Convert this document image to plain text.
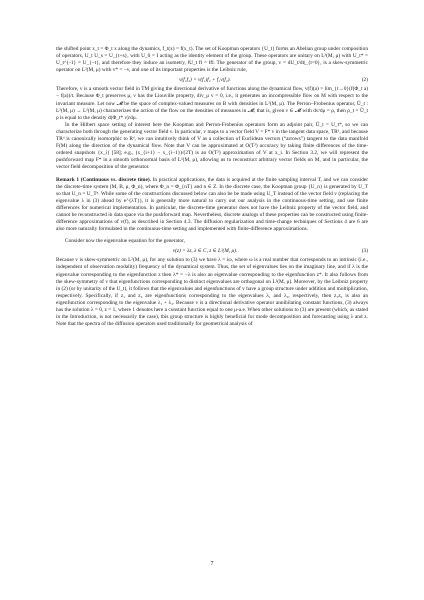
the shifted point x_t = Φ_t x along the dynamics, f_t(x) = f(x_t). The set of Koopman operators {U_t} forms an Abelian group under composition of operators, U_t U_s = U_{t+s}, with U_0 = I acting as the identity element of the group. These operators are unitary on L²(M, μ) with U_t* = U_t^{-1} = U_{−t}, and therefore they induce an isometry, ‖U_t f‖ = ‖f‖. The generator of the group, v = dU_t/dt|_{t=0}, is a skew-symmetric operator on L²(M, μ) with v* = −v, and one of its important properties is the Leibniz rule,

v(f₁f₂) = v(f₁)f₂ + f₁v(f₂).	(2)

Therefore, v is a smooth vector field in TM giving the directional derivative of functions along the dynamical flow, v(f)(a) = lim_{t→0}(f(Φ_t a) − f(a))/t. Because Φ_t preserves μ, v has the Liouville property, div_μ v = 0, i.e., it generates an incompressible flow on M with respect to the invariant measure. Let now 𝓜 be the space of complex-valued measures on B with densities in L²(M, μ). The Perron–Frobenius operator, Ũ_t : L²(M, μ) → L²(M, μ) characterizes the action of the flow on the densities of measures in 𝓜; that is, given ν ∈ 𝓜 with dν/dμ = ρ, then ρ_t = Ũ_t ρ is equal to the density d(Φ_t* ν)/dμ.

In the Hilbert space setting of interest here the Koopman and Perron-Frobenius operators form an adjoint pair, Ũ_t = U_t*, so we can characterize both through the generating vector field v. In particular, v maps to a vector field V = F* v in the tangent data space, TRᵈ, and because TRᵈ is canonically isomorphic to Rᵈ, we can intuitively think of V as a collection of Euclidean vectors (“arrows”) tangent to the data manifold F(M) along the direction of the dynamical flow. Note that V can be approximated at O(T²) accuracy by taking finite differences of the time-ordered snapshots {x_i} [58]; e.g., (x_{i+1} − x_{i−1})/(2T) is an O(T²) approximation of V at x_i. In Section 3.2, we will represent the pushforward map F* in a smooth orthonormal basis of L²(M, μ), allowing us to reconstruct arbitrary vector fields on M, and in particular, the vector field decomposition of the generator.

Remark 1 (Continuous vs. discrete time). In practical applications, the data is acquired at the finite sampling interval T, and we can consider the discrete-time system (M, B, μ, Φ_n), where Φ_n = Φ_{nT} and n ∈ Z. In the discrete case, the Koopman group {U_n} is generated by U_T so that U_n = U_Tⁿ. While some of the constructions discussed below can also be be made using U_T instead of the vector field v (replacing the eigenvalue λ in (3) ahead by e^{λT}), it is generally more natural to carry out our analysis in the continuous-time setting, and use finite differences for numerical implementation. In particular, the discrete-time generator does not have the Leibniz property of the vector field, and cannot be reconstructed in data space via the pushforward map. Nevertheless, discrete analogs of these properties can be constructed using finite-difference approximations of v(f), as described in Section 4.3. The diffusion regularization and time-change techniques of Sections 4 are 6 are also more naturally formulated in the continuous-time setting and implemented with finite-difference approximations.

Consider now the eigenvalue equation for the generator,

v(z) = λz, λ ∈ C, z ∈ L²(M, μ).	(3)

Because v is skew-symmetric on L²(M, μ), for any solution to (3) we have λ = iω, where ω is a real number that corresponds to an intrinsic (i.e., independent of observation modality) frequency of the dynamical system. Thus, the set of eigenvalues lies on the imaginary line, and if λ is the eigenvalue corresponding to the eigenfunction z then λ* = −λ is also an eigenvalue corresponding to the eigenfunction z*. It also follows from the skew-symmetry of v that eigenfunctions corresponding to distinct eigenvalues are orthogonal on L²(M, μ). Moreover, by the Leibniz property in (2) (or by unitarity of the U_t), it follows that the eigenvalues and eigenfunctions of v have a group structure under addition and multiplication, respectively. Specifically, if z₁ and z₂ are eigenfunctions corresponding to the eigenvalues λ₁ and λ₂, respectively, then z₁z₂ is also an eigenfunction corresponding to the eigenvalue λ₁ + λ₂. Because v is a directional derivative operator annihilating constant functions, (3) always has the solution λ = 0, z = 1, where 1 denotes here a constant function equal to one μ-a.e. When other solutions to (3) are present (which, as stated in the Introduction, is not necessarily the case), this group structure is highly beneficial for mode decomposition and forecasting using λ and z. Note that the spectra of the diffusion operators used traditionally for geometrical analysis of

7
